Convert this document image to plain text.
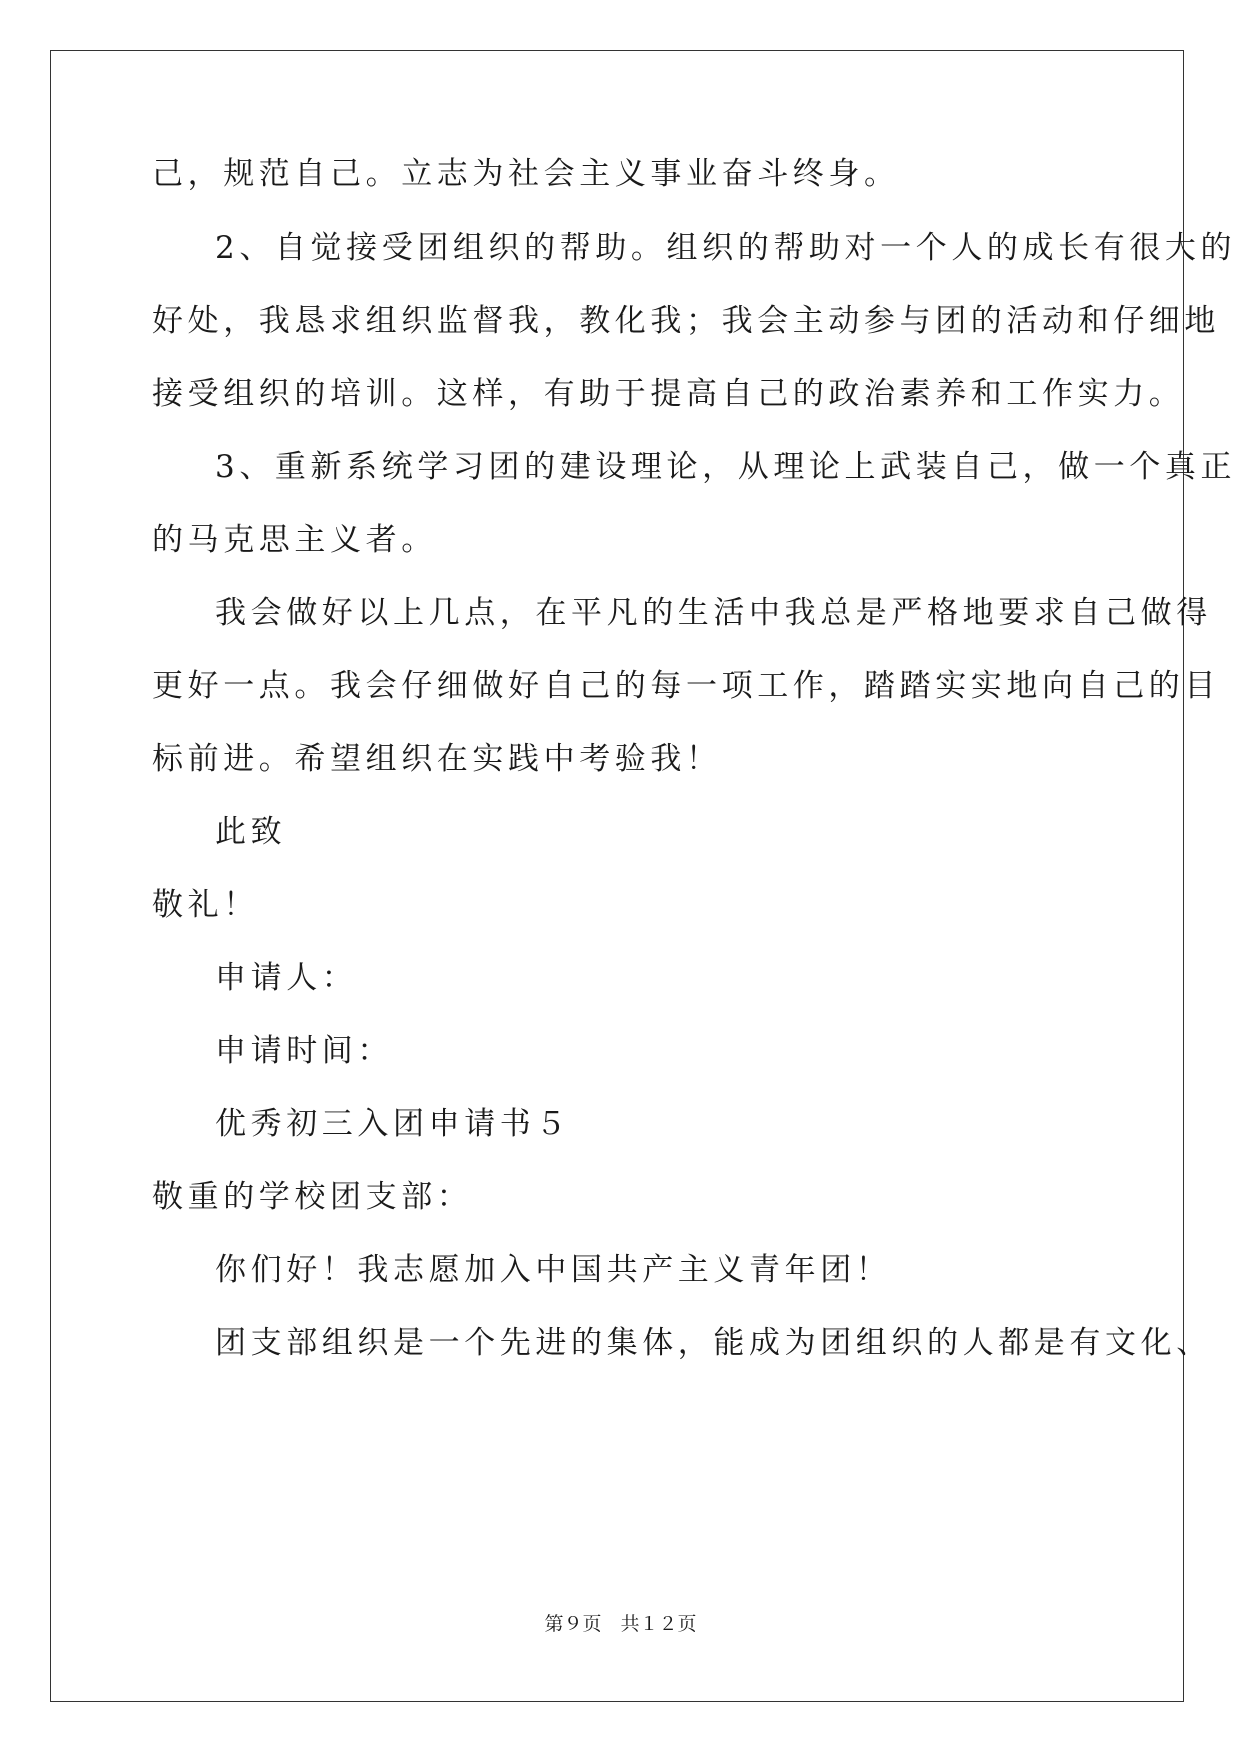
己，规范自己。立志为社会主义事业奋斗终身。
2、自觉接受团组织的帮助。组织的帮助对一个人的成长有很大的
好处，我恳求组织监督我，教化我；我会主动参与团的活动和仔细地
接受组织的培训。这样，有助于提高自己的政治素养和工作实力。
3、重新系统学习团的建设理论，从理论上武装自己，做一个真正
的马克思主义者。
我会做好以上几点，在平凡的生活中我总是严格地要求自己做得
更好一点。我会仔细做好自己的每一项工作，踏踏实实地向自己的目
标前进。希望组织在实践中考验我！
此致
敬礼！
申请人：
申请时间：
优秀初三入团申请书５
敬重的学校团支部：
你们好！我志愿加入中国共产主义青年团！
团支部组织是一个先进的集体，能成为团组织的人都是有文化、
第９页　共１２页
